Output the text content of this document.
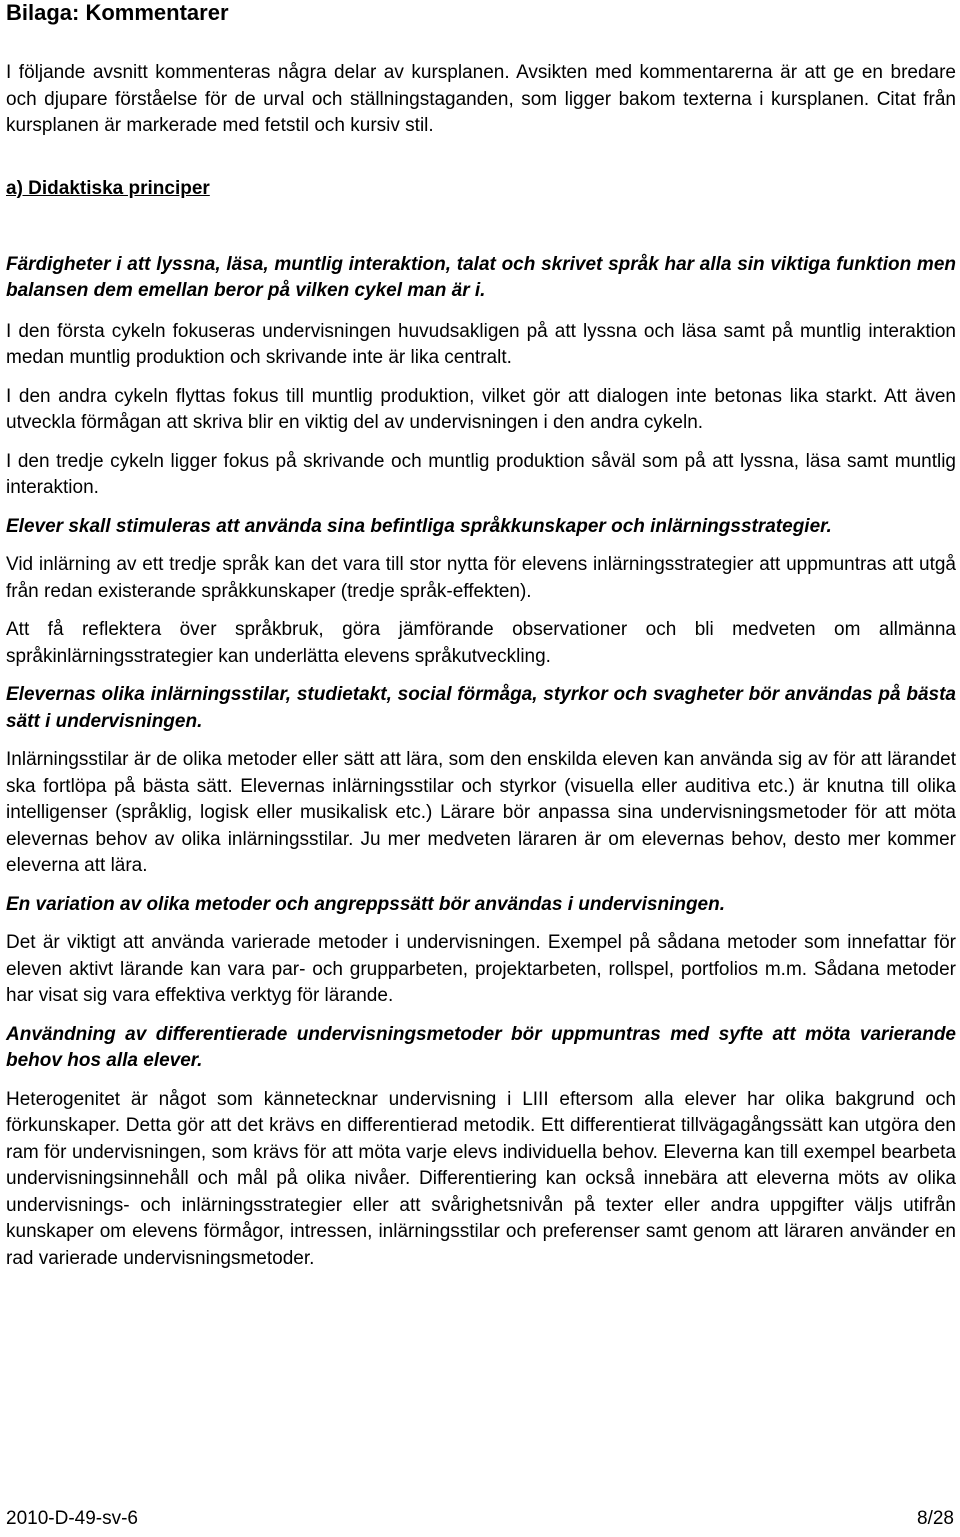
Bilaga: Kommentarer

I följande avsnitt kommenteras några delar av kursplanen. Avsikten med kommentarerna är att ge en bredare och djupare förståelse för de urval och ställningstaganden, som ligger bakom texterna i kursplanen. Citat från kursplanen är markerade med fetstil och kursiv stil.

a) Didaktiska principer

Färdigheter i att lyssna, läsa, muntlig interaktion, talat och skrivet språk har alla sin viktiga funktion men balansen dem emellan beror på vilken cykel man är i.

I den första cykeln fokuseras undervisningen huvudsakligen på att lyssna och läsa samt på muntlig interaktion medan muntlig produktion och skrivande inte är lika centralt.

I den andra cykeln flyttas fokus till muntlig produktion, vilket gör att dialogen inte betonas lika starkt. Att även utveckla förmågan att skriva blir en viktig del av undervisningen i den andra cykeln.

I den tredje cykeln ligger fokus på skrivande och muntlig produktion såväl som på att lyssna, läsa samt muntlig interaktion.

Elever skall stimuleras att använda sina befintliga språkkunskaper och inlärningsstrategier.

Vid inlärning av ett tredje språk kan det vara till stor nytta för elevens inlärningsstrategier att uppmuntras att utgå från redan existerande språkkunskaper (tredje språk-effekten).

Att få reflektera över språkbruk, göra jämförande observationer och bli medveten om allmänna språkinlärningsstrategier kan underlätta elevens språkutveckling.

Elevernas olika inlärningsstilar, studietakt, social förmåga, styrkor och svagheter bör användas på bästa sätt i undervisningen.

Inlärningsstilar är de olika metoder eller sätt att lära, som den enskilda eleven kan använda sig av för att lärandet ska fortlöpa på bästa sätt. Elevernas inlärningsstilar och styrkor (visuella eller auditiva etc.) är knutna till olika intelligenser (språklig, logisk eller musikalisk etc.) Lärare bör anpassa sina undervisningsmetoder för att möta elevernas behov av olika inlärningsstilar. Ju mer medveten läraren är om elevernas behov, desto mer kommer eleverna att lära.

En variation av olika metoder och angreppssätt bör användas i undervisningen.

Det är viktigt att använda varierade metoder i undervisningen. Exempel på sådana metoder som innefattar för eleven aktivt lärande kan vara par- och grupparbeten, projektarbeten, rollspel, portfolios m.m. Sådana metoder har visat sig vara effektiva verktyg för lärande.

Användning av differentierade undervisningsmetoder bör uppmuntras med syfte att möta varierande behov hos alla elever.

Heterogenitet är något som kännetecknar undervisning i LIII eftersom alla elever har olika bakgrund och förkunskaper. Detta gör att det krävs en differentierad metodik. Ett differentierat tillvägagångssätt kan utgöra den ram för undervisningen, som krävs för att möta varje elevs individuella behov. Eleverna kan till exempel bearbeta undervisningsinnehåll och mål på olika nivåer. Differentiering kan också innebära att eleverna möts av olika undervisnings- och inlärningsstrategier eller att svårighetsnivån på texter eller andra uppgifter väljs utifrån kunskaper om elevens förmågor, intressen, inlärningsstilar och preferenser samt genom att läraren använder en rad varierade undervisningsmetoder.

2010-D-49-sv-6	8/28
